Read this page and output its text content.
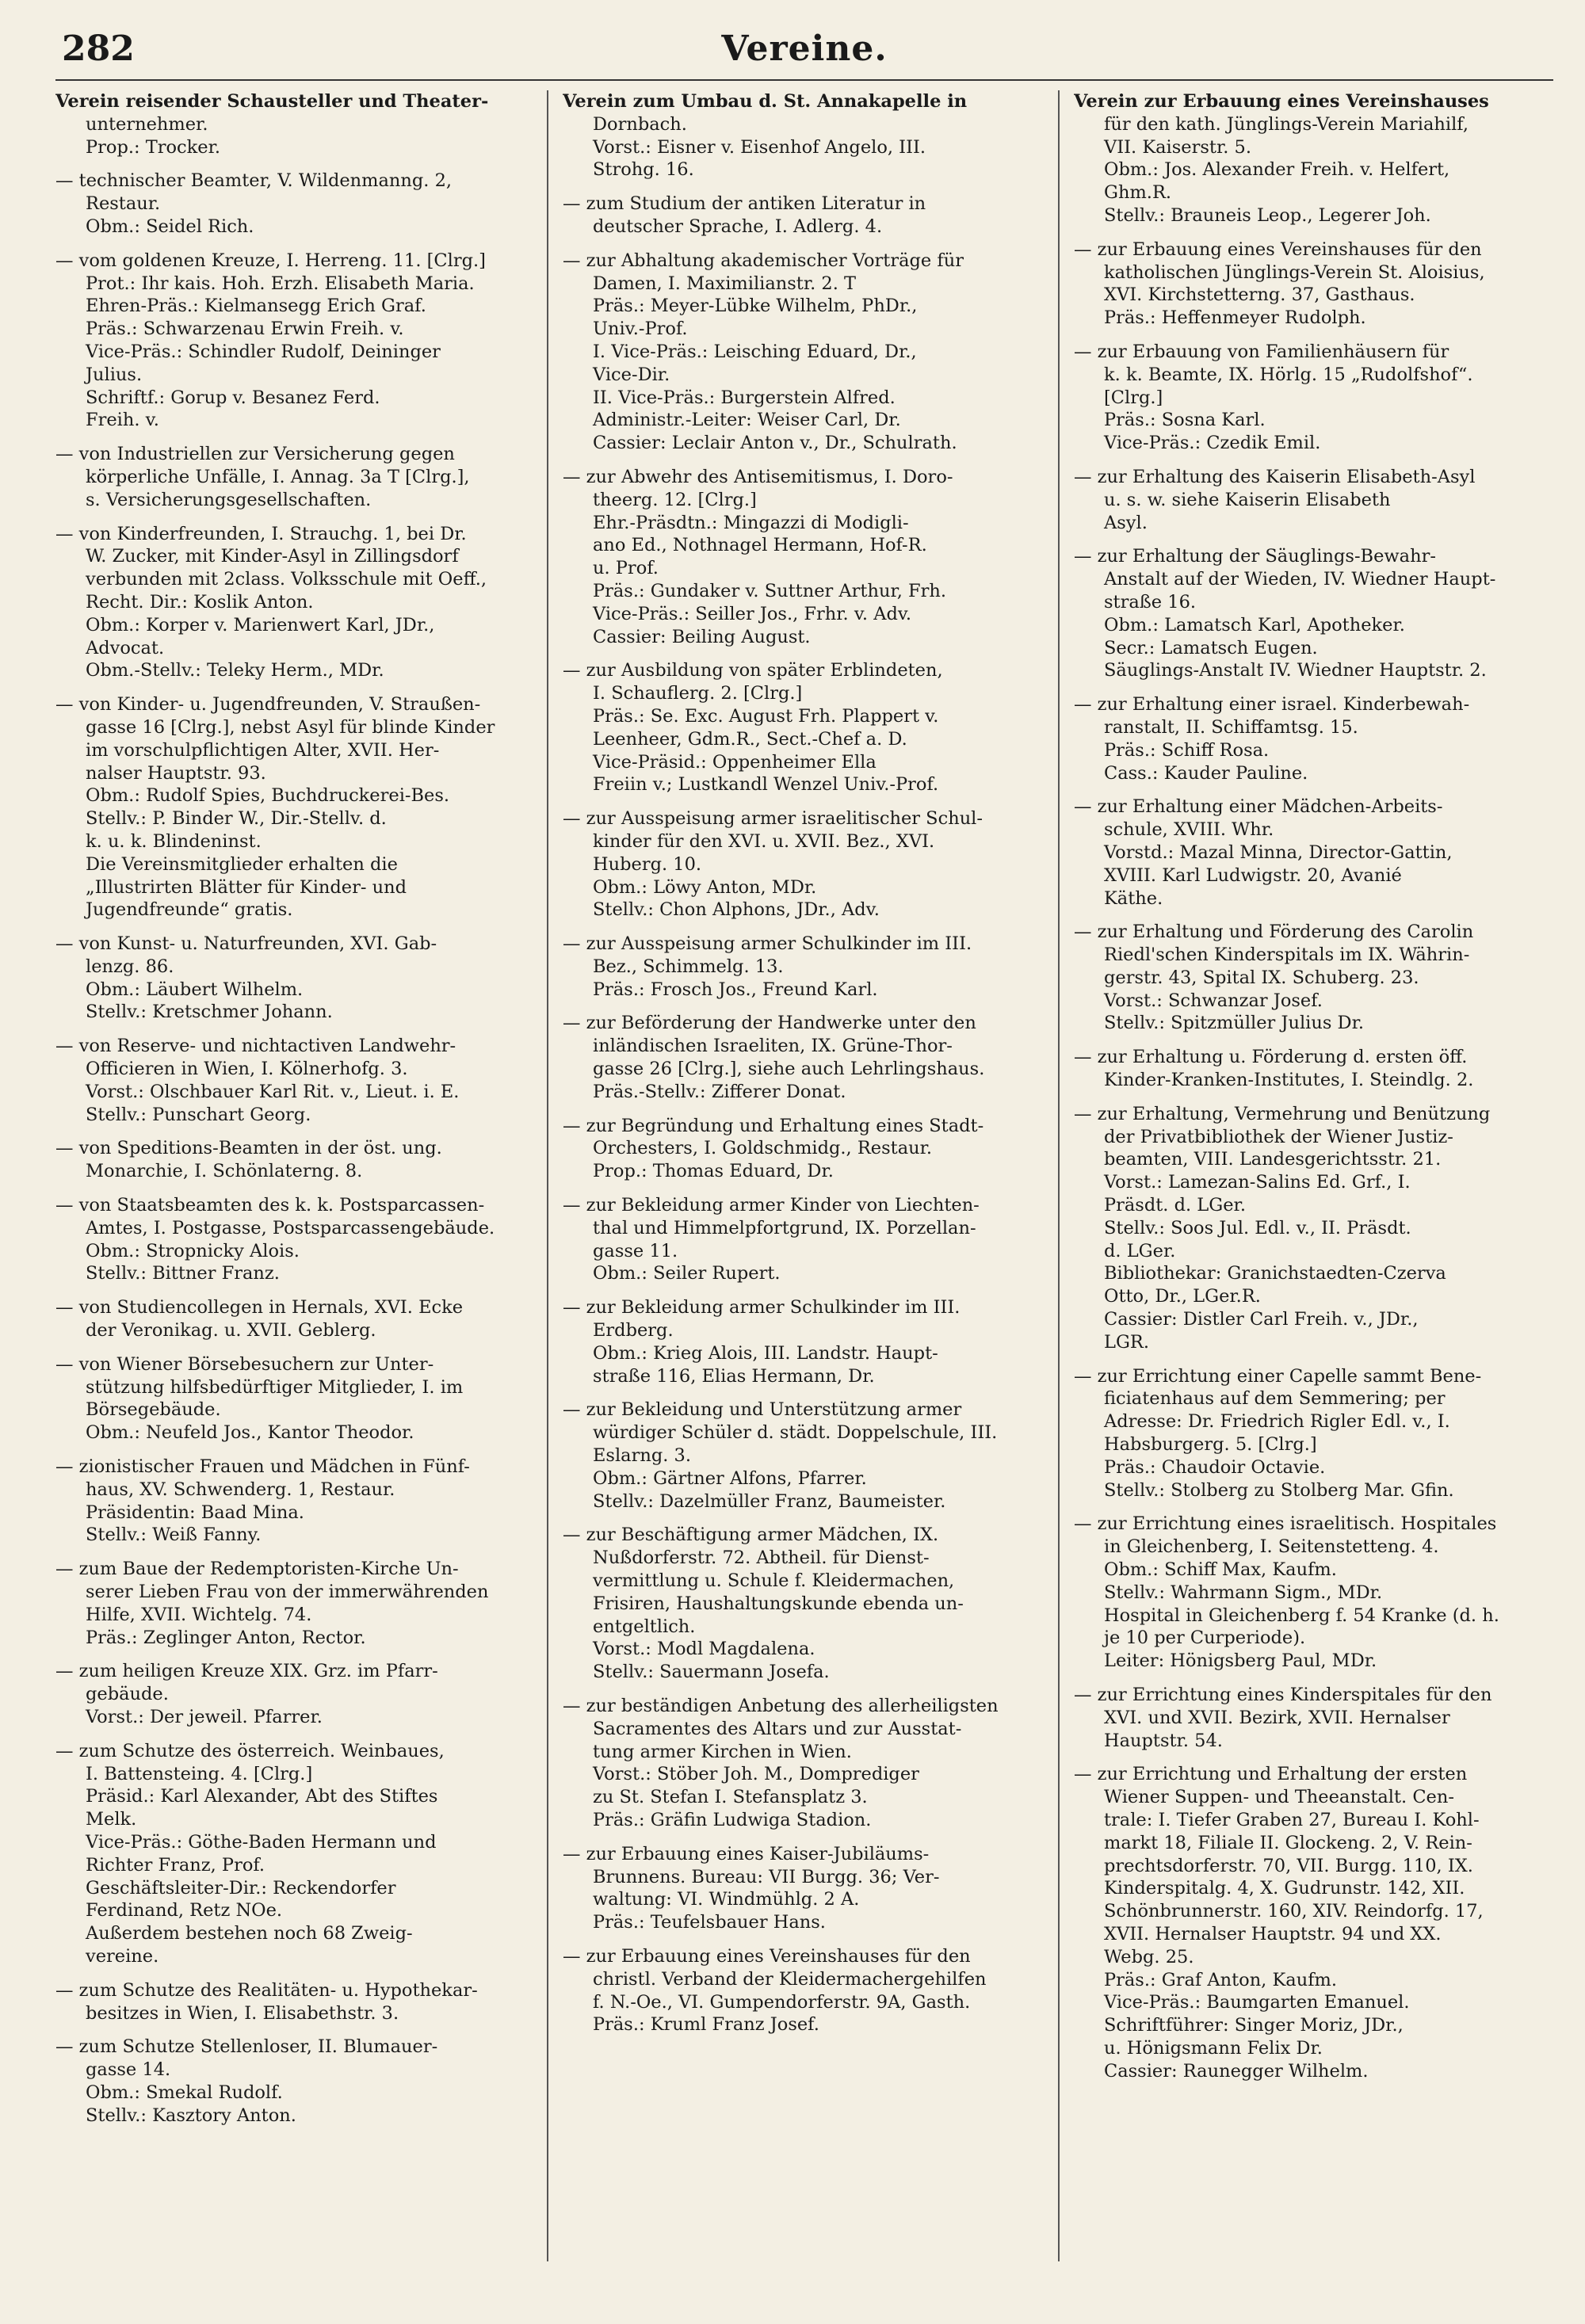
282	Vereine.
Verein reisender Schausteller und Theater-
unternehmer.
Prop.: Trocker.
— technischer Beamter, V. Wildenmanng. 2,
Restaur.
Obm.: Seidel Rich.
— vom goldenen Kreuze, I. Herreng. 11. [Clrg.]
Prot.: Ihr kais. Hoh. Erzh. Elisabeth Maria.
Ehren-Präs.: Kielmansegg Erich Graf.
Präs.: Schwarzenau Erwin Freih. v.
Vice-Präs.: Schindler Rudolf, Deininger
Julius.
Schriftf.: Gorup v. Besanez Ferd.
Freih. v.
— von Industriellen zur Versicherung gegen
körperliche Unfälle, I. Annag. 3a T [Clrg.],
s. Versicherungsgesellschaften.
— von Kinderfreunden, I. Strauchg. 1, bei Dr.
W. Zucker, mit Kinder-Asyl in Zillingsdorf
verbunden mit 2class. Volksschule mit Oeff.,
Recht. Dir.: Koslik Anton.
Obm.: Korper v. Marienwert Karl, JDr.,
Advocat.
Obm.-Stellv.: Teleky Herm., MDr.
— von Kinder- u. Jugendfreunden, V. Straußen-
gasse 16 [Clrg.], nebst Asyl für blinde Kinder
im vorschulpflichtigen Alter, XVII. Her-
nalser Hauptstr. 93.
Obm.: Rudolf Spies, Buchdruckerei-Bes.
Stellv.: P. Binder W., Dir.-Stellv. d.
k. u. k. Blindeninst.
Die Vereinsmitglieder erhalten die
„Illustrirten Blätter für Kinder- und
Jugendfreunde“ gratis.
— von Kunst- u. Naturfreunden, XVI. Gab-
lenzg. 86.
Obm.: Läubert Wilhelm.
Stellv.: Kretschmer Johann.
— von Reserve- und nichtactiven Landwehr-
Officieren in Wien, I. Kölnerhofg. 3.
Vorst.: Olschbauer Karl Rit. v., Lieut. i. E.
Stellv.: Punschart Georg.
— von Speditions-Beamten in der öst. ung.
Monarchie, I. Schönlaterng. 8.
— von Staatsbeamten des k. k. Postsparcassen-
Amtes, I. Postgasse, Postsparcassengebäude.
Obm.: Stropnicky Alois.
Stellv.: Bittner Franz.
— von Studiencollegen in Hernals, XVI. Ecke
der Veronikag. u. XVII. Geblerg.
— von Wiener Börsebesuchern zur Unter-
stützung hilfsbedürftiger Mitglieder, I. im
Börsegebäude.
Obm.: Neufeld Jos., Kantor Theodor.
— zionistischer Frauen und Mädchen in Fünf-
haus, XV. Schwenderg. 1, Restaur.
Präsidentin: Baad Mina.
Stellv.: Weiß Fanny.
— zum Baue der Redemptoristen-Kirche Un-
serer Lieben Frau von der immerwährenden
Hilfe, XVII. Wichtelg. 74.
Präs.: Zeglinger Anton, Rector.
— zum heiligen Kreuze XIX. Grz. im Pfarr-
gebäude.
Vorst.: Der jeweil. Pfarrer.
— zum Schutze des österreich. Weinbaues,
I. Battensteing. 4. [Clrg.]
Präsid.: Karl Alexander, Abt des Stiftes
Melk.
Vice-Präs.: Göthe-Baden Hermann und
Richter Franz, Prof.
Geschäftsleiter-Dir.: Reckendorfer
Ferdinand, Retz NOe.
Außerdem bestehen noch 68 Zweig-
vereine.
— zum Schutze des Realitäten- u. Hypothekar-
besitzes in Wien, I. Elisabethstr. 3.
— zum Schutze Stellenloser, II. Blumauer-
gasse 14.
Obm.: Smekal Rudolf.
Stellv.: Kasztory Anton.
Verein zum Umbau d. St. Annakapelle in
Dornbach.
Vorst.: Eisner v. Eisenhof Angelo, III.
Strohg. 16.
— zum Studium der antiken Literatur in
deutscher Sprache, I. Adlerg. 4.
— zur Abhaltung akademischer Vorträge für
Damen, I. Maximilianstr. 2. T
Präs.: Meyer-Lübke Wilhelm, PhDr.,
Univ.-Prof.
I. Vice-Präs.: Leisching Eduard, Dr.,
Vice-Dir.
II. Vice-Präs.: Burgerstein Alfred.
Administr.-Leiter: Weiser Carl, Dr.
Cassier: Leclair Anton v., Dr., Schulrath.
— zur Abwehr des Antisemitismus, I. Doro-
theerg. 12. [Clrg.]
Ehr.-Präsdtn.: Mingazzi di Modigli-
ano Ed., Nothnagel Hermann, Hof-R.
u. Prof.
Präs.: Gundaker v. Suttner Arthur, Frh.
Vice-Präs.: Seiller Jos., Frhr. v. Adv.
Cassier: Beiling August.
— zur Ausbildung von später Erblindeten,
I. Schauflerg. 2. [Clrg.]
Präs.: Se. Exc. August Frh. Plappert v.
Leenheer, Gdm.R., Sect.-Chef a. D.
Vice-Präsid.: Oppenheimer Ella
Freiin v.; Lustkandl Wenzel Univ.-Prof.
— zur Ausspeisung armer israelitischer Schul-
kinder für den XVI. u. XVII. Bez., XVI.
Huberg. 10.
Obm.: Löwy Anton, MDr.
Stellv.: Chon Alphons, JDr., Adv.
— zur Ausspeisung armer Schulkinder im III.
Bez., Schimmelg. 13.
Präs.: Frosch Jos., Freund Karl.
— zur Beförderung der Handwerke unter den
inländischen Israeliten, IX. Grüne-Thor-
gasse 26 [Clrg.], siehe auch Lehrlingshaus.
Präs.-Stellv.: Zifferer Donat.
— zur Begründung und Erhaltung eines Stadt-
Orchesters, I. Goldschmidg., Restaur.
Prop.: Thomas Eduard, Dr.
— zur Bekleidung armer Kinder von Liechten-
thal und Himmelpfortgrund, IX. Porzellan-
gasse 11.
Obm.: Seiler Rupert.
— zur Bekleidung armer Schulkinder im III.
Erdberg.
Obm.: Krieg Alois, III. Landstr. Haupt-
straße 116, Elias Hermann, Dr.
— zur Bekleidung und Unterstützung armer
würdiger Schüler d. städt. Doppelschule, III.
Eslarng. 3.
Obm.: Gärtner Alfons, Pfarrer.
Stellv.: Dazelmüller Franz, Baumeister.
— zur Beschäftigung armer Mädchen, IX.
Nußdorferstr. 72. Abtheil. für Dienst-
vermittlung u. Schule f. Kleidermachen,
Frisiren, Haushaltungskunde ebenda un-
entgeltlich.
Vorst.: Modl Magdalena.
Stellv.: Sauermann Josefa.
— zur beständigen Anbetung des allerheiligsten
Sacramentes des Altars und zur Ausstat-
tung armer Kirchen in Wien.
Vorst.: Stöber Joh. M., Domprediger
zu St. Stefan I. Stefansplatz 3.
Präs.: Gräfin Ludwiga Stadion.
— zur Erbauung eines Kaiser-Jubiläums-
Brunnens. Bureau: VII Burgg. 36; Ver-
waltung: VI. Windmühlg. 2 A.
Präs.: Teufelsbauer Hans.
— zur Erbauung eines Vereinshauses für den
christl. Verband der Kleidermachergehilfen
f. N.-Oe., VI. Gumpendorferstr. 9A, Gasth.
Präs.: Kruml Franz Josef.
Verein zur Erbauung eines Vereinshauses
für den kath. Jünglings-Verein Mariahilf,
VII. Kaiserstr. 5.
Obm.: Jos. Alexander Freih. v. Helfert,
Ghm.R.
Stellv.: Brauneis Leop., Legerer Joh.
— zur Erbauung eines Vereinshauses für den
katholischen Jünglings-Verein St. Aloisius,
XVI. Kirchstetterng. 37, Gasthaus.
Präs.: Heffenmeyer Rudolph.
— zur Erbauung von Familienhäusern für
k. k. Beamte, IX. Hörlg. 15 „Rudolfshof“.
[Clrg.]
Präs.: Sosna Karl.
Vice-Präs.: Czedik Emil.
— zur Erhaltung des Kaiserin Elisabeth-Asyl
u. s. w. siehe Kaiserin Elisabeth
Asyl.
— zur Erhaltung der Säuglings-Bewahr-
Anstalt auf der Wieden, IV. Wiedner Haupt-
straße 16.
Obm.: Lamatsch Karl, Apotheker.
Secr.: Lamatsch Eugen.
Säuglings-Anstalt IV. Wiedner Hauptstr. 2.
— zur Erhaltung einer israel. Kinderbewah-
ranstalt, II. Schiffamtsg. 15.
Präs.: Schiff Rosa.
Cass.: Kauder Pauline.
— zur Erhaltung einer Mädchen-Arbeits-
schule, XVIII. Whr.
Vorstd.: Mazal Minna, Director-Gattin,
XVIII. Karl Ludwigstr. 20, Avanié
Käthe.
— zur Erhaltung und Förderung des Carolin
Riedl'schen Kinderspitals im IX. Währin-
gerstr. 43, Spital IX. Schuberg. 23.
Vorst.: Schwanzar Josef.
Stellv.: Spitzmüller Julius Dr.
— zur Erhaltung u. Förderung d. ersten öff.
Kinder-Kranken-Institutes, I. Steindlg. 2.
— zur Erhaltung, Vermehrung und Benützung
der Privatbibliothek der Wiener Justiz-
beamten, VIII. Landesgerichtsstr. 21.
Vorst.: Lamezan-Salins Ed. Grf., I.
Präsdt. d. LGer.
Stellv.: Soos Jul. Edl. v., II. Präsdt.
d. LGer.
Bibliothekar: Granichstaedten-Czerva
Otto, Dr., LGer.R.
Cassier: Distler Carl Freih. v., JDr.,
LGR.
— zur Errichtung einer Capelle sammt Bene-
ficiatenhaus auf dem Semmering; per
Adresse: Dr. Friedrich Rigler Edl. v., I.
Habsburgerg. 5. [Clrg.]
Präs.: Chaudoir Octavie.
Stellv.: Stolberg zu Stolberg Mar. Gfin.
— zur Errichtung eines israelitisch. Hospitales
in Gleichenberg, I. Seitenstetteng. 4.
Obm.: Schiff Max, Kaufm.
Stellv.: Wahrmann Sigm., MDr.
Hospital in Gleichenberg f. 54 Kranke (d. h.
je 10 per Curperiode).
Leiter: Hönigsberg Paul, MDr.
— zur Errichtung eines Kinderspitales für den
XVI. und XVII. Bezirk, XVII. Hernalser
Hauptstr. 54.
— zur Errichtung und Erhaltung der ersten
Wiener Suppen- und Theeanstalt. Cen-
trale: I. Tiefer Graben 27, Bureau I. Kohl-
markt 18, Filiale II. Glockeng. 2, V. Rein-
prechtsdorferstr. 70, VII. Burgg. 110, IX.
Kinderspitalg. 4, X. Gudrunstr. 142, XII.
Schönbrunnerstr. 160, XIV. Reindorfg. 17,
XVII. Hernalser Hauptstr. 94 und XX.
Webg. 25.
Präs.: Graf Anton, Kaufm.
Vice-Präs.: Baumgarten Emanuel.
Schriftführer: Singer Moriz, JDr.,
u. Hönigsmann Felix Dr.
Cassier: Raunegger Wilhelm.
